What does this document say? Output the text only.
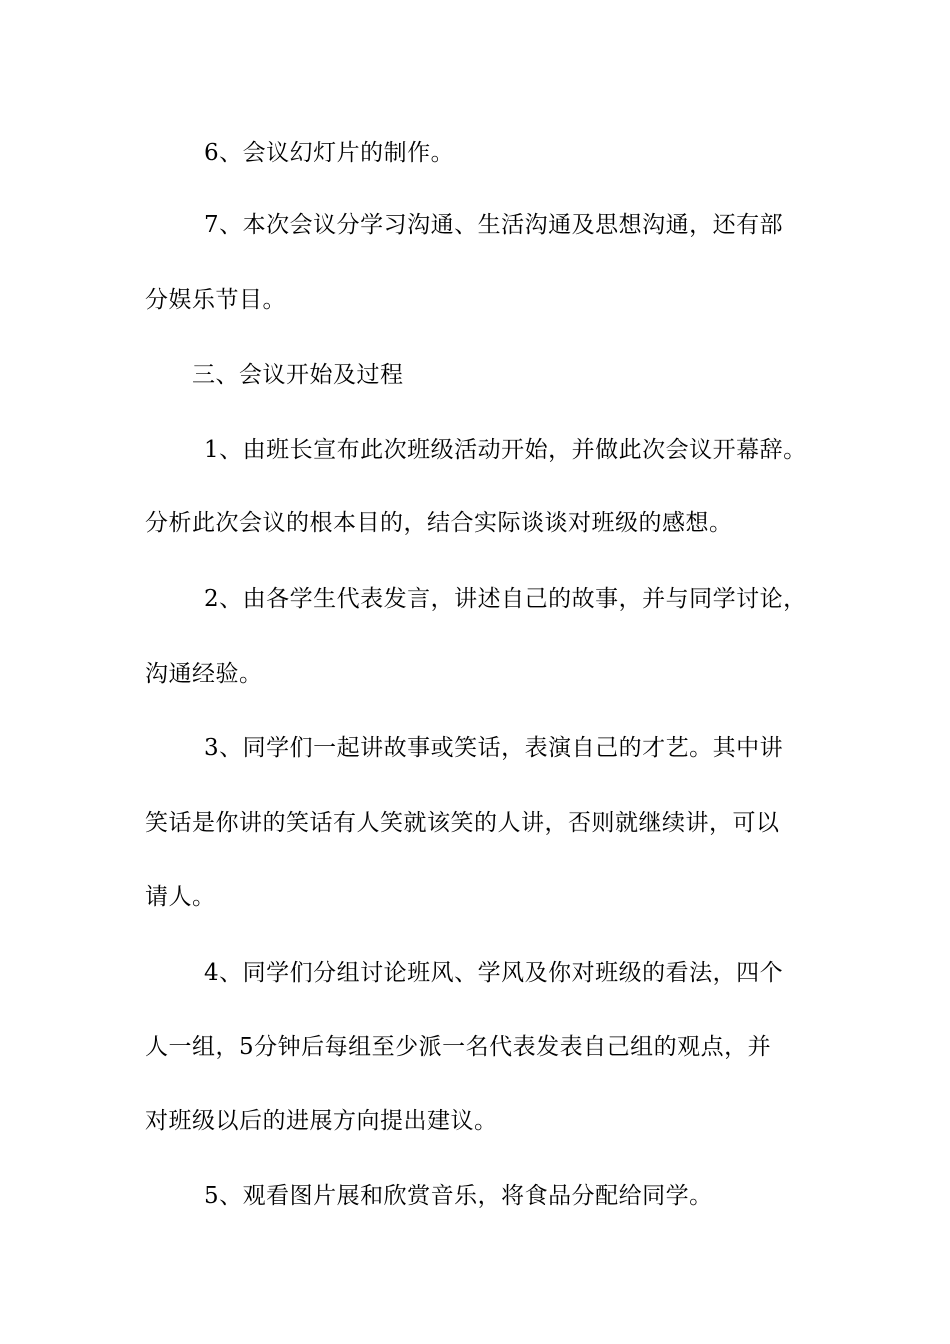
6、会议幻灯片的制作。
7、本次会议分学习沟通、生活沟通及思想沟通，还有部
分娱乐节目。
三、会议开始及过程
1、由班长宣布此次班级活动开始，并做此次会议开幕辞。
分析此次会议的根本目的，结合实际谈谈对班级的感想。
2、由各学生代表发言，讲述自己的故事，并与同学讨论，
沟通经验。
3、同学们一起讲故事或笑话，表演自己的才艺。其中讲
笑话是你讲的笑话有人笑就该笑的人讲，否则就继续讲，可以
请人。
4、同学们分组讨论班风、学风及你对班级的看法，四个
人一组，5分钟后每组至少派一名代表发表自己组的观点，并
对班级以后的进展方向提出建议。
5、观看图片展和欣赏音乐，将食品分配给同学。
